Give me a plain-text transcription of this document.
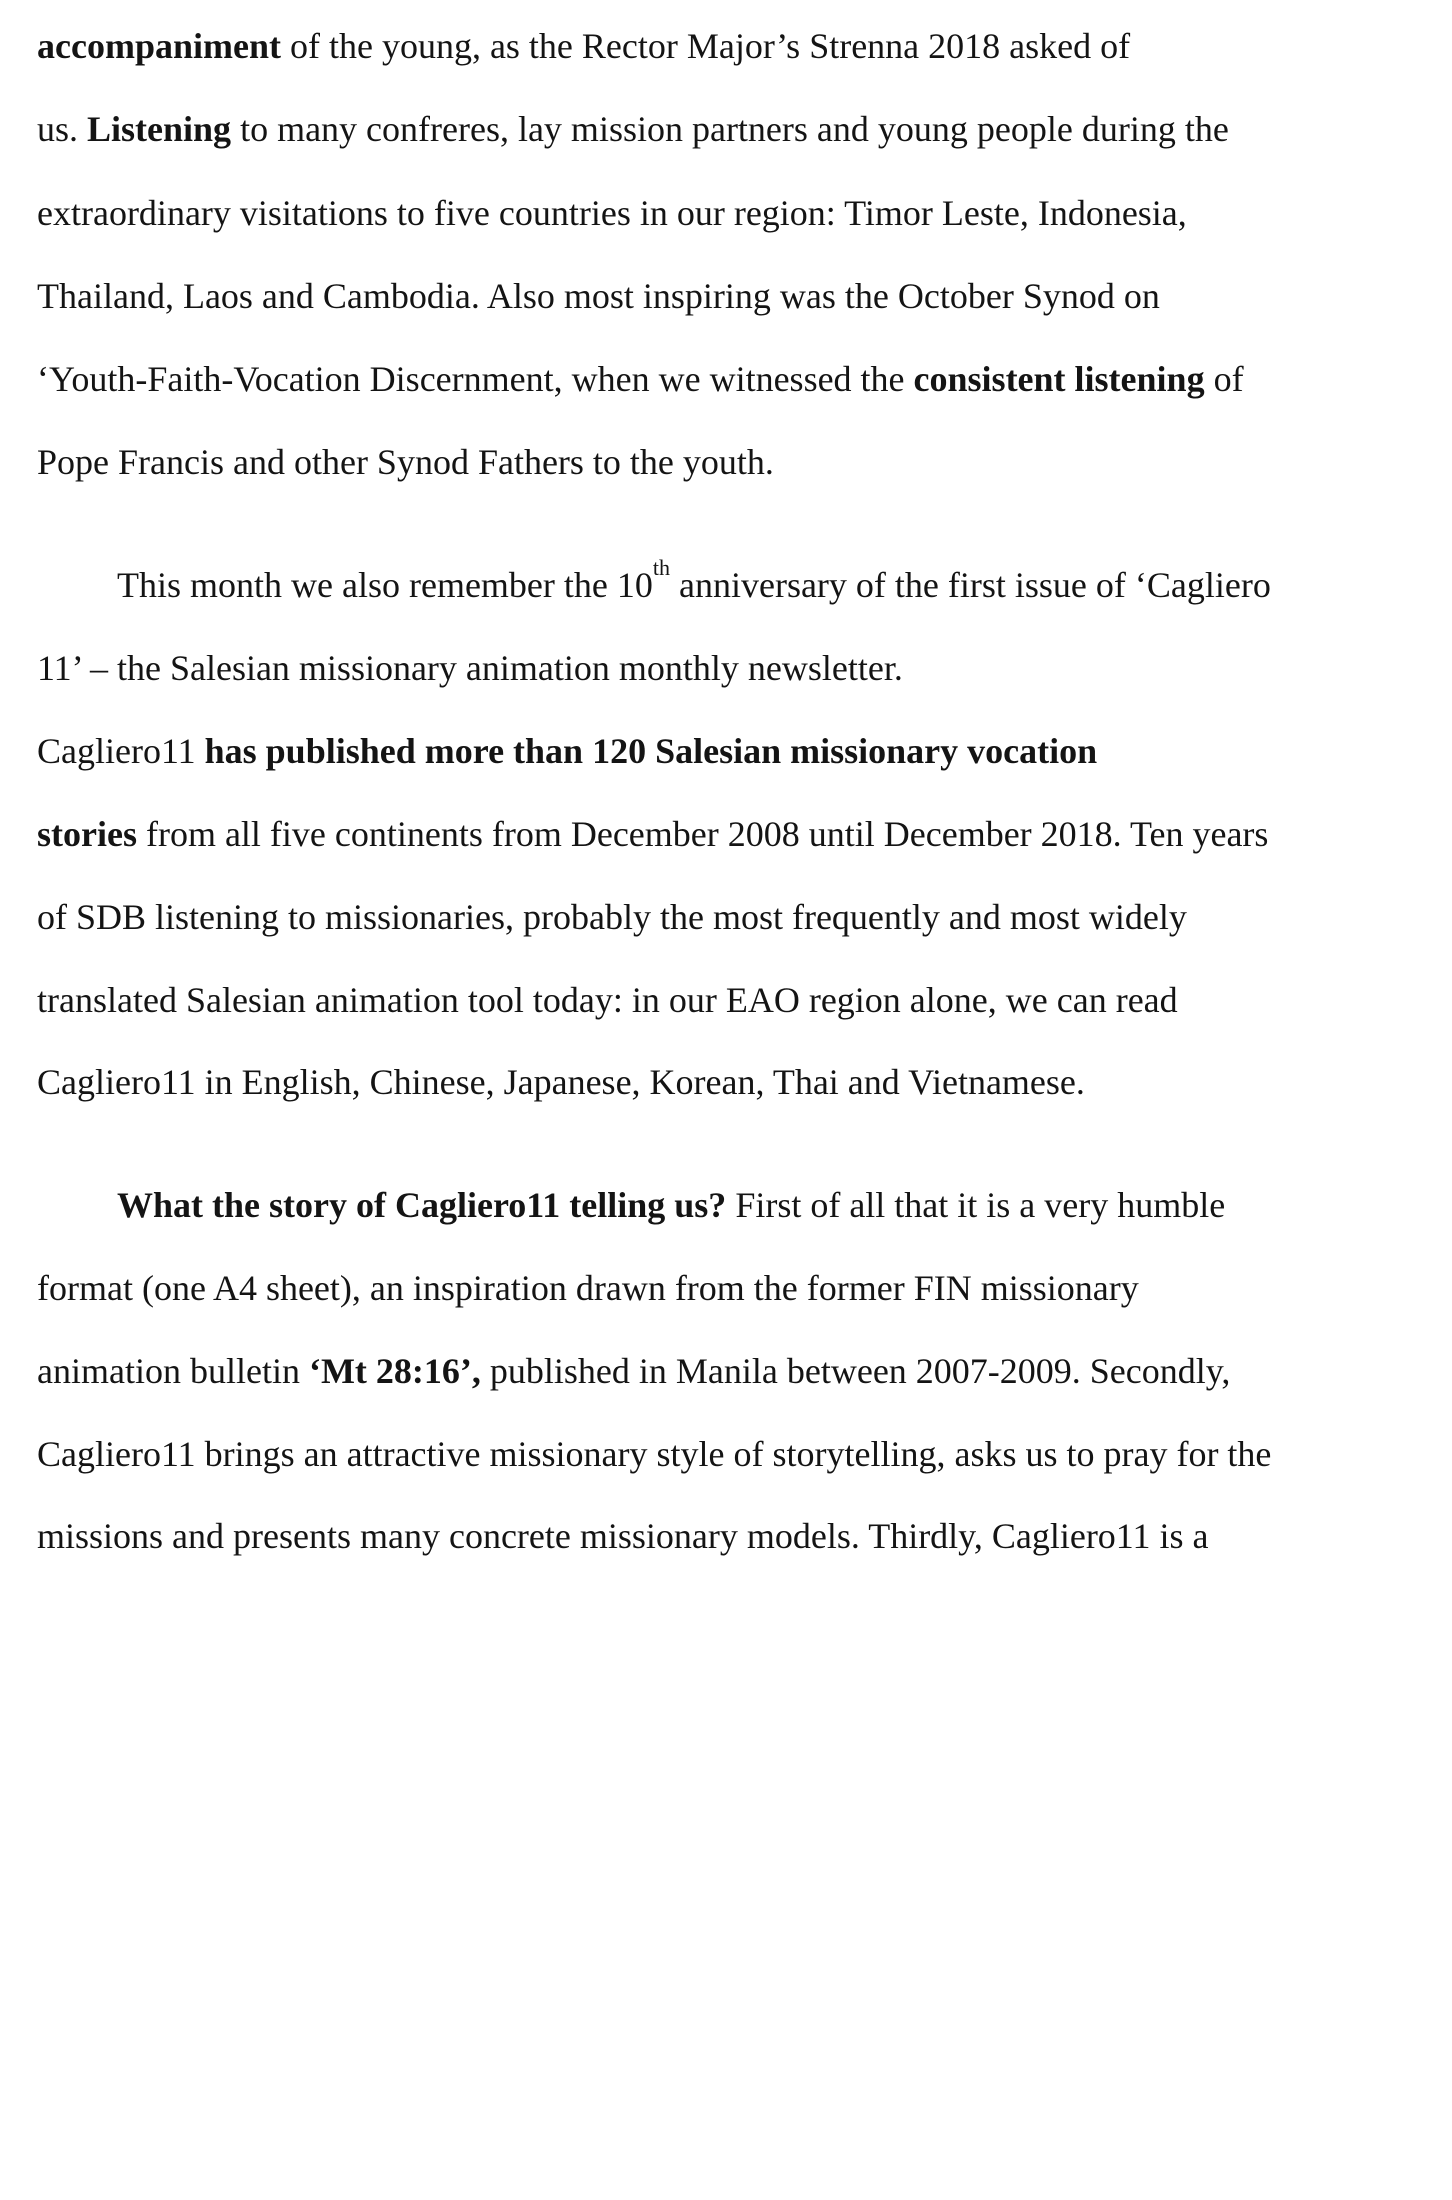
accompaniment of the young, as the Rector Major’s Strenna 2018 asked of
us. Listening to many confreres, lay mission partners and young people during the
extraordinary visitations to five countries in our region: Timor Leste, Indonesia,
Thailand, Laos and Cambodia. Also most inspiring was the October Synod on
‘Youth-Faith-Vocation Discernment, when we witnessed the consistent listening of
Pope Francis and other Synod Fathers to the youth.
This month we also remember the 10th anniversary of the first issue of ‘Cagliero
11’ – the Salesian missionary animation monthly newsletter.
Cagliero11 has published more than 120 Salesian missionary vocation
stories from all five continents from December 2008 until December 2018. Ten years
of SDB listening to missionaries, probably the most frequently and most widely
translated Salesian animation tool today: in our EAO region alone, we can read
Cagliero11 in English, Chinese, Japanese, Korean, Thai and Vietnamese.
What the story of Cagliero11 telling us? First of all that it is a very humble
format (one A4 sheet), an inspiration drawn from the former FIN missionary
animation bulletin ‘Mt 28:16’, published in Manila between 2007-2009. Secondly,
Cagliero11 brings an attractive missionary style of storytelling, asks us to pray for the
missions and presents many concrete missionary models. Thirdly, Cagliero11 is a
